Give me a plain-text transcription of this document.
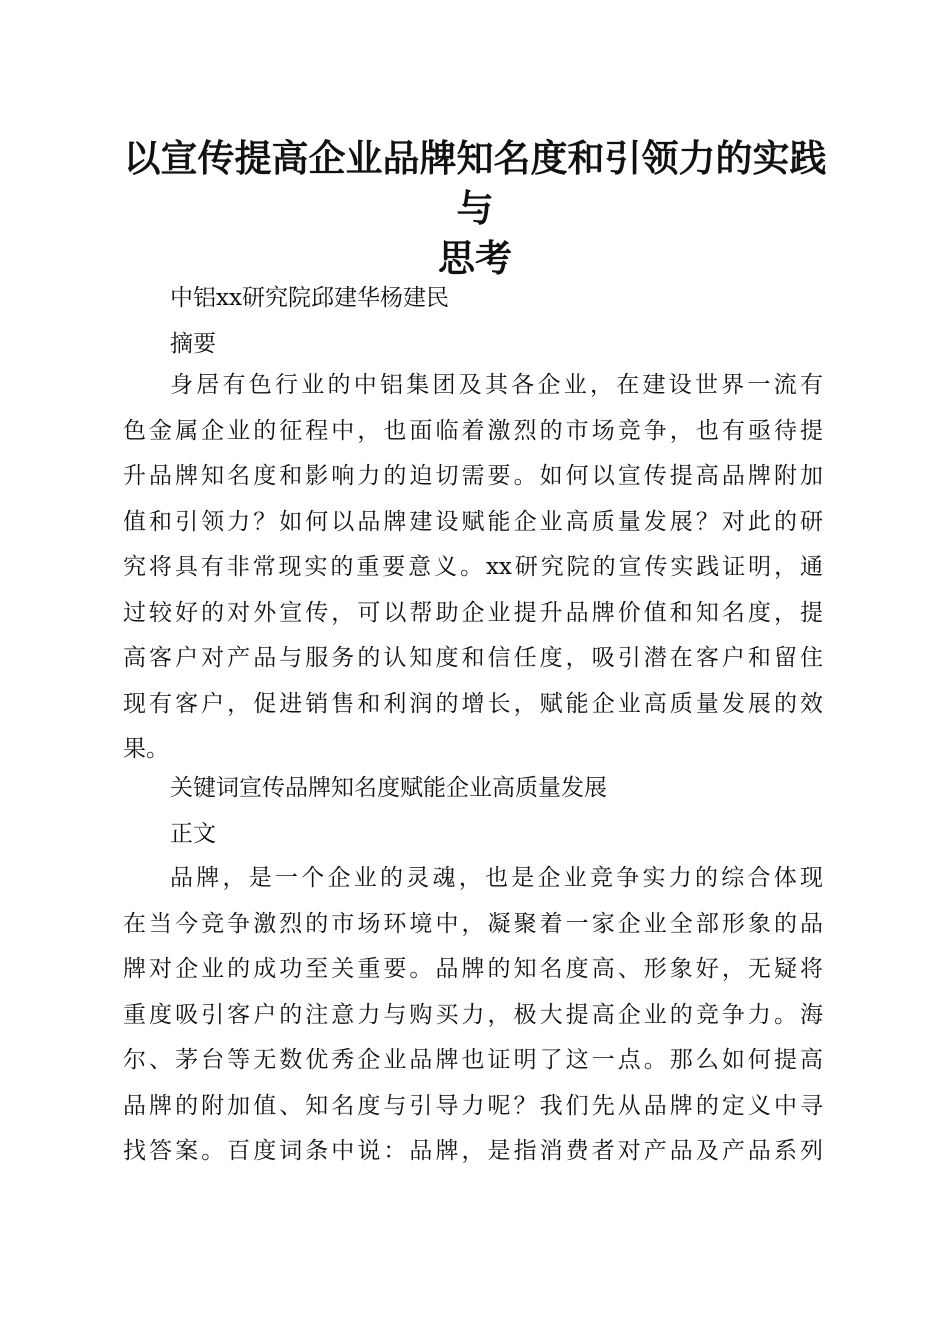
以宣传提高企业品牌知名度和引领力的实践与
思考
中铝xx研究院邱建华杨建民
摘要
身居有色行业的中铝集团及其各企业，在建设世界一流有
色金属企业的征程中，也面临着激烈的市场竞争，也有亟待提
升品牌知名度和影响力的迫切需要。如何以宣传提高品牌附加
值和引领力？如何以品牌建设赋能企业高质量发展？对此的研
究将具有非常现实的重要意义。xx研究院的宣传实践证明，通
过较好的对外宣传，可以帮助企业提升品牌价值和知名度，提
高客户对产品与服务的认知度和信任度，吸引潜在客户和留住
现有客户，促进销售和利润的增长，赋能企业高质量发展的效
果。
关键词宣传品牌知名度赋能企业高质量发展
正文
品牌，是一个企业的灵魂，也是企业竞争实力的综合体现
在当今竞争激烈的市场环境中，凝聚着一家企业全部形象的品
牌对企业的成功至关重要。品牌的知名度高、形象好，无疑将
重度吸引客户的注意力与购买力，极大提高企业的竞争力。海
尔、茅台等无数优秀企业品牌也证明了这一点。那么如何提高
品牌的附加值、知名度与引导力呢？我们先从品牌的定义中寻
找答案。百度词条中说：品牌，是指消费者对产品及产品系列
